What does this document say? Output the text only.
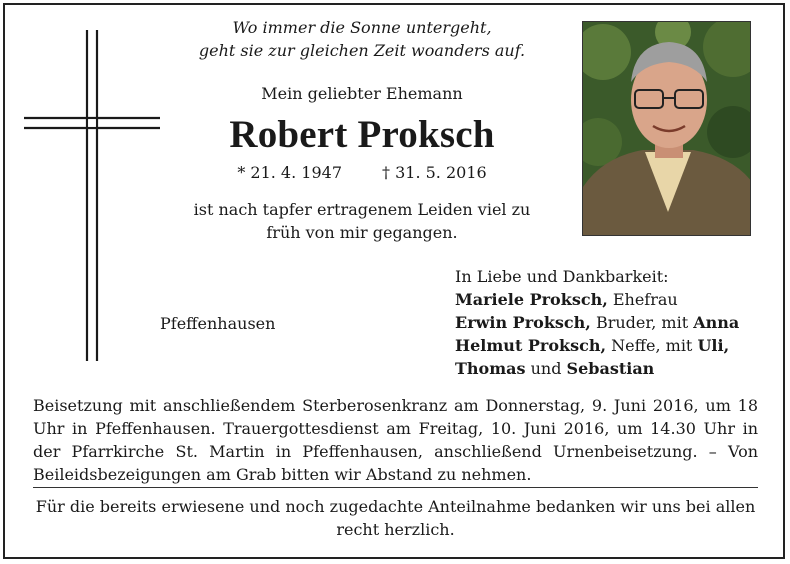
Wo immer die Sonne untergeht,
geht sie zur gleichen Zeit woanders auf.
Mein geliebter Ehemann
Robert Proksch
* 21. 4. 1947	† 31. 5. 2016
ist nach tapfer ertragenem Leiden viel zu
früh von mir gegangen.
Pfeffenhausen
In Liebe und Dankbarkeit:
Mariele Proksch, Ehefrau
Erwin Proksch, Bruder, mit Anna
Helmut Proksch, Neffe, mit Uli,
Thomas und Sebastian
Beisetzung mit anschließendem Sterberosenkranz am Donnerstag, 9. Juni 2016, um 18 Uhr in Pfeffenhausen. Trauergottesdienst am Freitag, 10. Juni 2016, um 14.30 Uhr in der Pfarrkirche St. Martin in Pfeffenhausen, anschließend Urnenbeisetzung. – Von Beileidsbezeigungen am Grab bitten wir Abstand zu nehmen.
Für die bereits erwiesene und noch zugedachte Anteilnahme bedanken wir uns bei allen recht herzlich.
